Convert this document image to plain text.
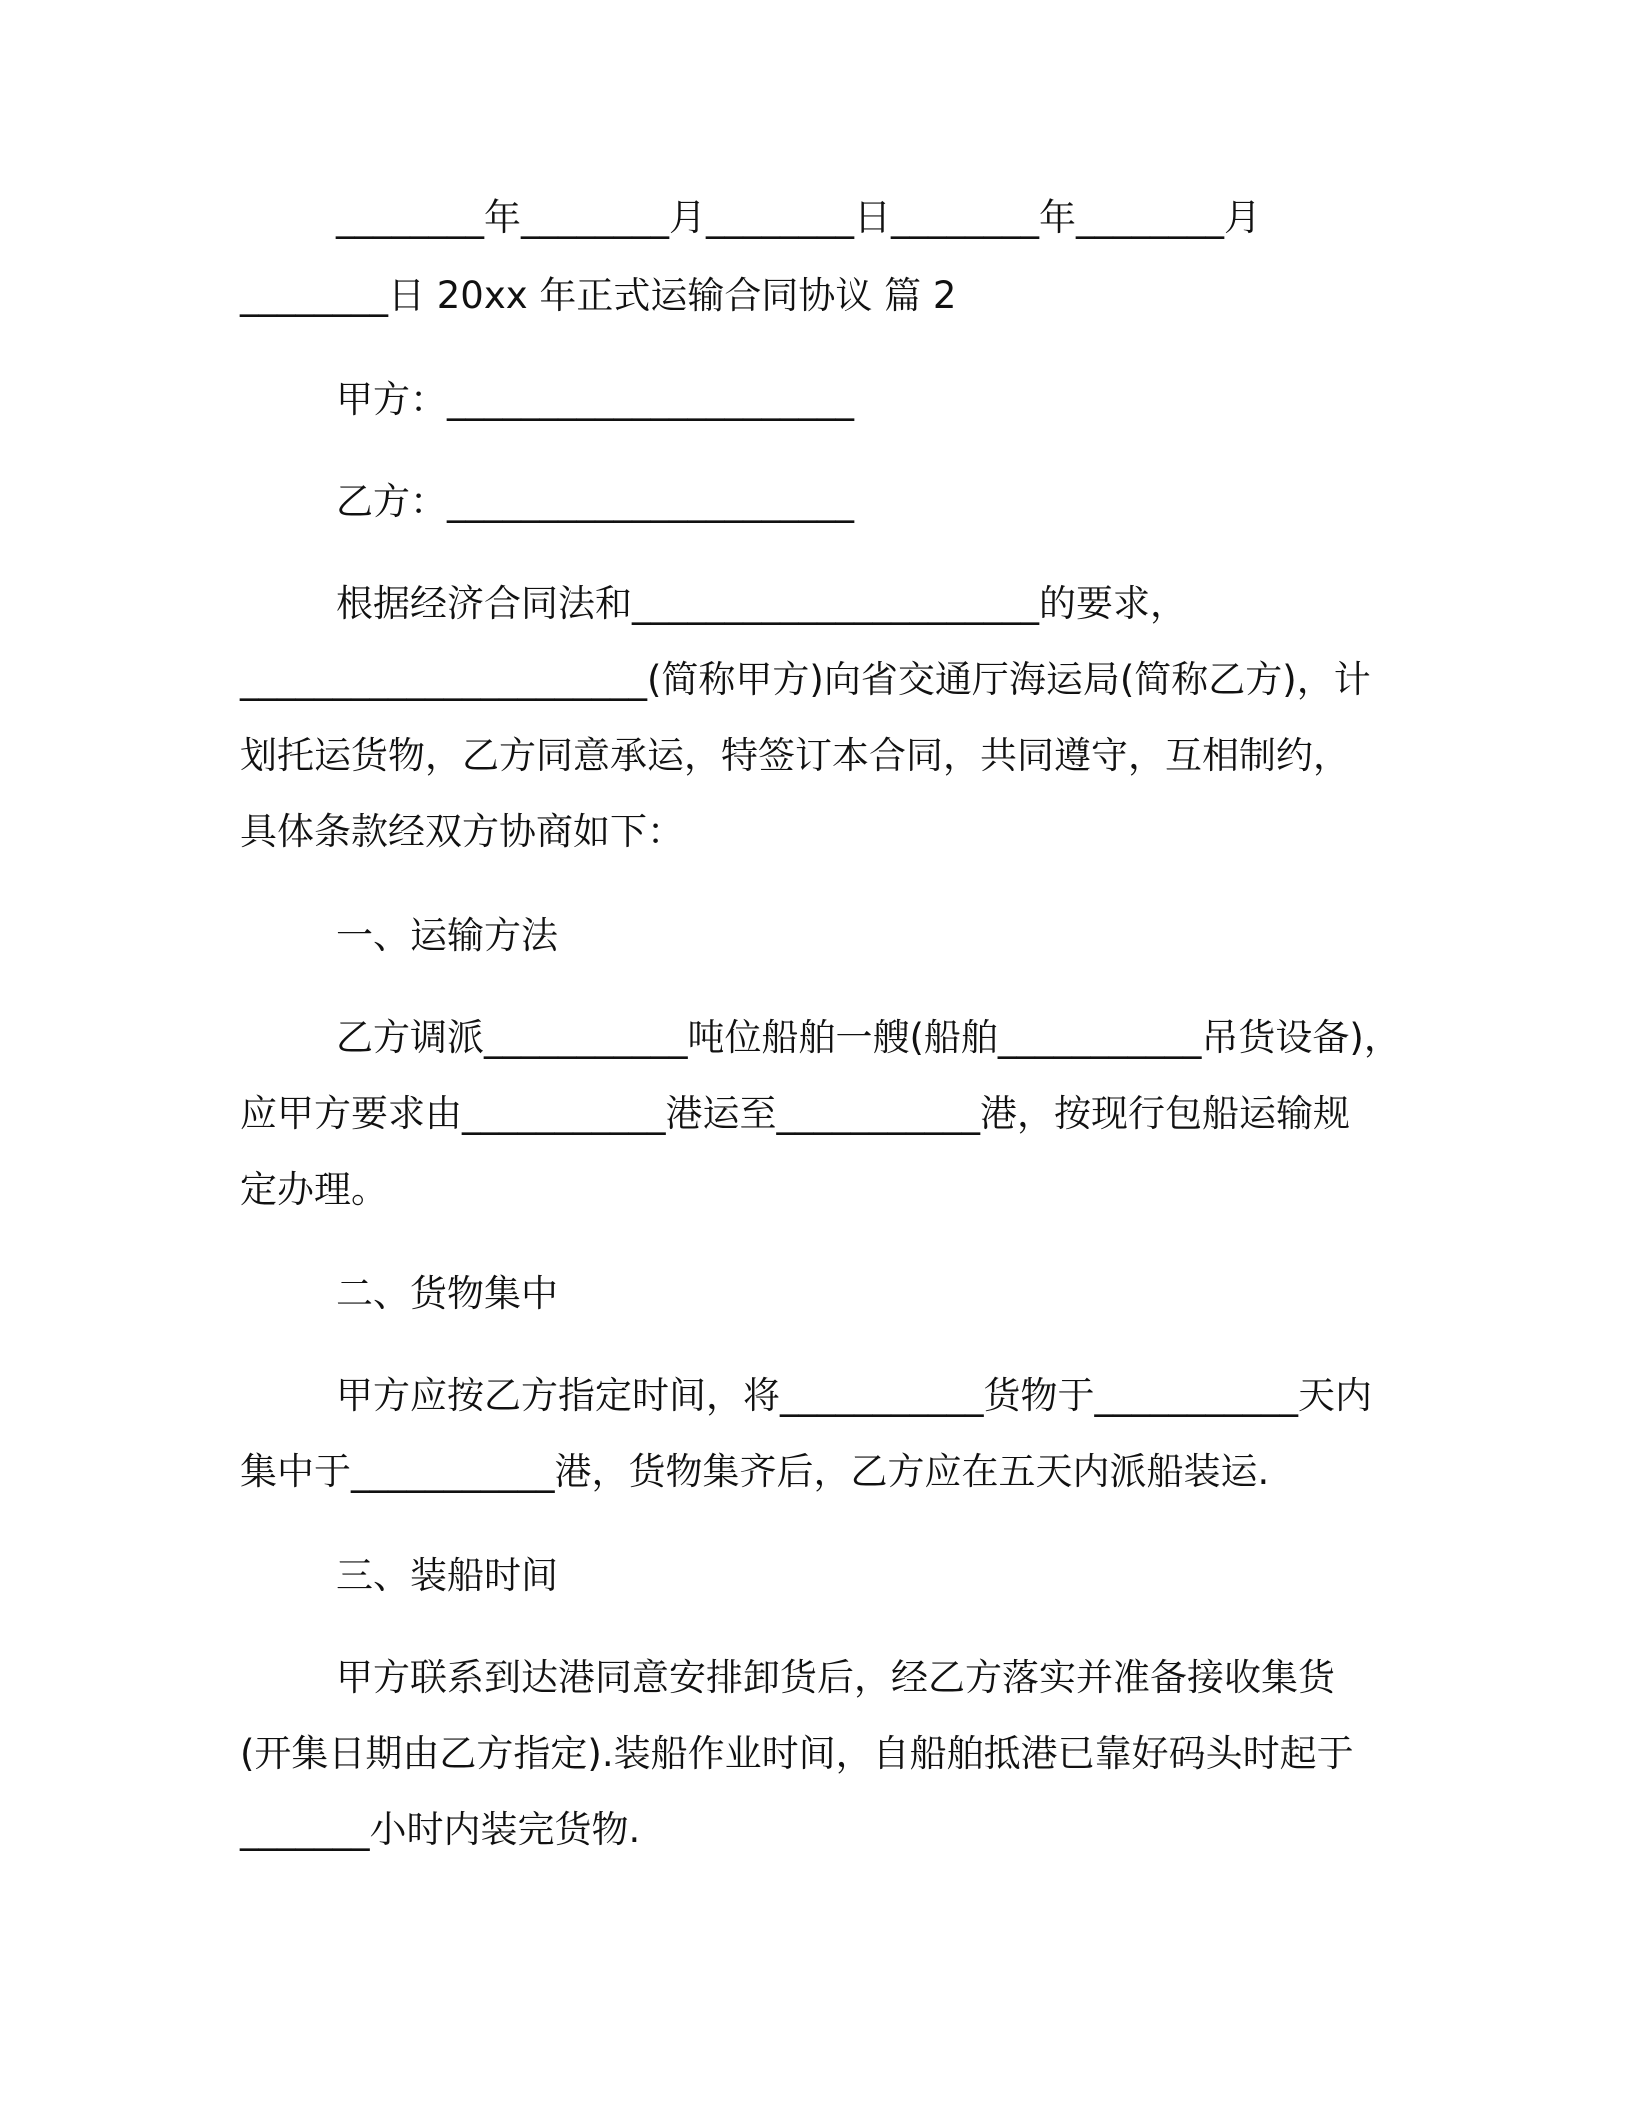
________年________月________日________年________月
________日 20xx 年正式运输合同协议 篇 2
甲方：______________________
乙方：______________________
根据经济合同法和______________________的要求，
______________________(简称甲方)向省交通厅海运局(简称乙方)，计
划托运货物，乙方同意承运，特签订本合同，共同遵守，互相制约，
具体条款经双方协商如下：
一、运输方法
乙方调派___________吨位船舶一艘(船舶___________吊货设备)，
应甲方要求由___________港运至___________港，按现行包船运输规
定办理。
二、货物集中
甲方应按乙方指定时间，将___________货物于___________天内
集中于___________港，货物集齐后，乙方应在五天内派船装运.
三、装船时间
甲方联系到达港同意安排卸货后，经乙方落实并准备接收集货
(开集日期由乙方指定).装船作业时间，自船舶抵港已靠好码头时起于
_______小时内装完货物.
